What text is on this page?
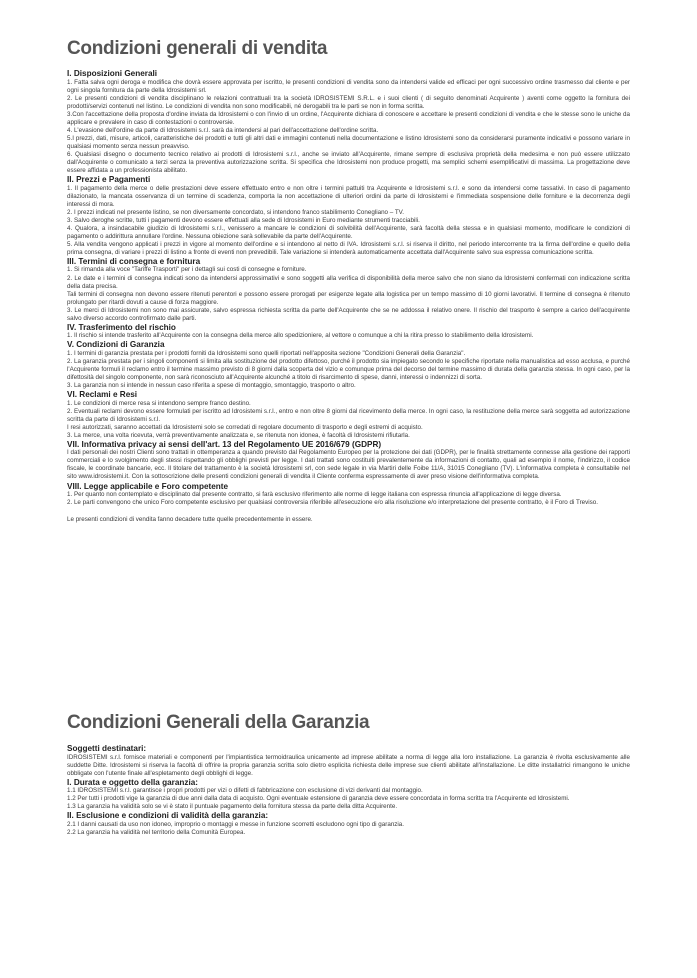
Condizioni generali di vendita
I. Disposizioni Generali

1. Fatta salva ogni deroga e modifica che dovrà essere approvata per iscritto, le presenti condizioni di vendita sono da intendersi valide ed efficaci per ogni successivo ordine trasmesso dal cliente e per ogni singola fornitura da parte della Idrosistemi srl.

2. Le presenti condizioni di vendita disciplinano le relazioni contrattuali tra la società IDROSISTEMI S.R.L. e i suoi clienti ( di seguito denominati Acquirente ) aventi come oggetto la fornitura dei prodotti/servizi contenuti nel listino. Le condizioni di vendita non sono modificabili, né derogabili tra le parti se non in forma scritta.

3.Con l'accettazione della proposta d'ordine inviata da Idrosistemi o con l'invio di un ordine, l'Acquirente dichiara di conoscere e accettare le presenti condizioni di vendita e che le stesse sono le uniche da applicare e prevalere in caso di contestazioni o controversie.

4. L'evasione dell'ordine da parte di Idrosistemi s.r.l. sarà da intendersi al pari dell'accettazione dell'ordine scritta.

5.I prezzi, dati, misure, articoli, caratteristiche dei prodotti e tutti gli altri dati e immagini contenuti nella documentazione e listino Idrosistemi sono da considerarsi puramente indicativi e possono variare in qualsiasi momento senza nessun preavviso.

6. Qualsiasi disegno o documento tecnico relativo ai prodotti di Idrosistemi s.r.l., anche se inviato all'Acquirente, rimane sempre di esclusiva proprietà della medesima e non può essere utilizzato dall'Acquirente o comunicato a terzi senza la preventiva autorizzazione scritta. Si specifica che Idrosistemi non produce progetti, ma semplici schemi esemplificativi di massima. La progettazione deve essere affidata a un professionista abilitato.

II. Prezzi e Pagamenti

1. Il pagamento della merce o delle prestazioni deve essere effettuato entro e non oltre i termini pattuiti tra Acquirente e Idrosistemi s.r.l. e sono da intendersi come tassativi. In caso di pagamento dilazionato, la mancata osservanza di un termine di scadenza, comporta la non accettazione di ulteriori ordini da parte di Idrosistemi e l'immediata sospensione delle forniture e la decorrenza degli interessi di mora.

2. I prezzi indicati nel presente listino, se non diversamente concordato, si intendono franco stabilimento Conegliano – TV.

3. Salvo deroghe scritte, tutti i pagamenti devono essere effettuati alla sede di Idrosistemi in Euro mediante strumenti tracciabili.

4. Qualora, a insindacabile giudizio di Idrosistemi s.r.l., venissero a mancare le condizioni di solvibilità dell'Acquirente, sarà facoltà della stessa e in qualsiasi momento, modificare le condizioni di pagamento o addirittura annullare l'ordine. Nessuna obiezione sarà sollevabile da parte dell'Acquirente.

5. Alla vendita vengono applicati i prezzi in vigore al momento dell'ordine e si intendono al netto di IVA. Idrosistemi s.r.l. si riserva il diritto, nel periodo intercorrente tra la firma dell'ordine e quello della prima consegna, di variare i prezzi di listino a fronte di eventi non prevedibili. Tale variazione si intenderà automaticamente accettata dall'Acquirente salvo sua espressa comunicazione scritta.

III. Termini di consegna e fornitura

1. Si rimanda alla voce "Tariffe Trasporti" per i dettagli sui costi di consegne e forniture.

2. Le date e i termini di consegna indicati sono da intendersi approssimativi e sono soggetti alla verifica di disponibilità della merce salvo che non siano da Idrosistemi confermati con indicazione scritta della data precisa.

Tali termini di consegna non devono essere ritenuti perentori e possono essere prorogati per esigenze legate alla logistica per un tempo massimo di 10 giorni lavorativi. Il termine di consegna è ritenuto prolungato per ritardi dovuti a cause di forza maggiore.

3. Le merci di Idrosistemi non sono mai assicurate, salvo espressa richiesta scritta da parte dell'Acquirente che se ne addossa il relativo onere. Il rischio del trasporto è sempre a carico dell'acquirente salvo diverso accordo controfirmato dalle parti.

IV. Trasferimento del rischio

1. Il rischio si intende trasferito all'Acquirente con la consegna della merce allo spedizioniere, al vettore o comunque a chi la ritira presso lo stabilimento della Idrosistemi.

V. Condizioni di Garanzia

1. I termini di garanzia prestata per i prodotti forniti da Idrosistemi sono quelli riportati nell'apposita sezione "Condizioni Generali della Garanzia".

2. La garanzia prestata per i singoli componenti si limita alla sostituzione del prodotto difettoso, purché il prodotto sia impiegato secondo le specifiche riportate nella manualistica ad esso acclusa, e purché l'Acquirente formuli il reclamo entro il termine massimo previsto di 8 giorni dalla scoperta del vizio e comunque prima del decorso del termine massimo di durata della garanzia stessa. In ogni caso, per la difettosità del singolo componente, non sarà riconosciuto all'Acquirente alcunché a titolo di risarcimento di spese, danni, interessi o indennizzi di sorta.

3. La garanzia non si intende in nessun caso riferita a spese di montaggio, smontaggio, trasporto o altro.

VI. Reclami e Resi

1. Le condizioni di merce resa si intendono sempre franco destino.

2. Eventuali reclami devono essere formulati per iscritto ad Idrosistemi s.r.l., entro e non oltre 8 giorni dal ricevimento della merce. In ogni caso, la restituzione della merce sarà soggetta ad autorizzazione scritta da parte di Idrosistemi s.r.l.

I resi autorizzati, saranno accettati da Idrosistemi solo se corredati di regolare documento di trasporto e degli estremi di acquisto.

3. La merce, una volta ricevuta, verrà preventivamente analizzata e, se ritenuta non idonea, è facoltà di Idrosistemi rifiutarla.

VII. Informativa privacy ai sensi dell'art. 13 del Regolamento UE 2016/679 (GDPR)

I dati personali dei nostri Clienti sono trattati in ottemperanza a quando previsto dal Regolamento Europeo per la protezione dei dati (GDPR), per le finalità strettamente connesse alla gestione dei rapporti commerciali e lo svolgimento degli stessi rispettando gli obblighi previsti per legge. I dati trattati sono costituiti prevalentemente da informazioni di contatto, quali ad esempio il nome, l'indirizzo, il codice fiscale, le coordinate bancarie, ecc. Il titolare del trattamento è la società Idrosistemi srl, con sede legale in via Martiri delle Foibe 11/A, 31015 Conegliano (TV). L'informativa completa è consultabile nel sito www.idrosistemi.it. Con la sottoscrizione delle presenti condizioni generali di vendita il Cliente conferma espressamente di aver preso visione dell'informativa completa.

VIII. Legge applicabile e Foro competente

1. Per quanto non contemplato e disciplinato dal presente contratto, si farà esclusivo riferimento alle norme di legge italiana con espressa rinuncia all'applicazione di legge diversa.

2. Le parti convengono che unico Foro competente esclusivo per qualsiasi controversia riferibile all'esecuzione e/o alla risoluzione e/o interpretazione del presente contratto, è il Foro di Treviso.

Le presenti condizioni di vendita fanno decadere tutte quelle precedentemente in essere.

Condizioni Generali della Garanzia
Soggetti destinatari:

IDROSISTEMI s.r.l. fornisce materiali e componenti per l'impiantistica termoidraulica unicamente ad imprese abilitate a norma di legge alla loro installazione. La garanzia è rivolta esclusivamente alle suddette Ditte. Idrosistemi si riserva la facoltà di offrire la propria garanzia scritta solo dietro esplicita richiesta delle imprese sue clienti abilitate all'installazione. Le ditte installatrici rimangono le uniche obbligate con l'utente finale all'espletamento degli obblighi di legge.

I. Durata e oggetto della garanzia:

1.1 IDROSISTEMI s.r.l. garantisce i propri prodotti per vizi o difetti di fabbricazione con esclusione di vizi derivanti dal montaggio.

1.2 Per tutti i prodotti vige la garanzia di due anni dalla data di acquisto. Ogni eventuale estensione di garanzia deve essere concordata in forma scritta tra l'Acquirente ed Idrosistemi.

1.3 La garanzia ha validità solo se vi è stato il puntuale pagamento della fornitura stessa da parte della ditta Acquirente.

II. Esclusione e condizioni di validità della garanzia:

2.1 I danni causati da uso non idoneo, improprio o montaggi e messe in funzione scorretti escludono ogni tipo di garanzia.

2.2 La garanzia ha validità nel territorio della Comunità Europea.
